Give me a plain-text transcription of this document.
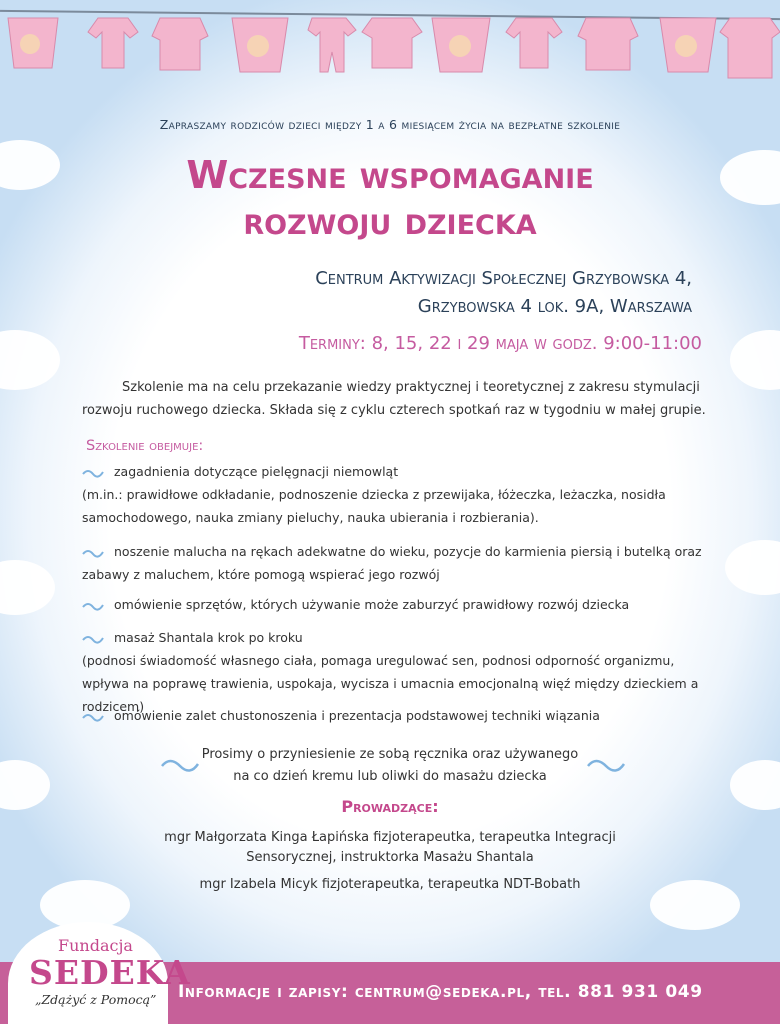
Zapraszamy rodziców dzieci między 1 a 6 miesiącem życia na bezpłatne szkolenie
Wczesne wspomaganie
rozwoju dziecka
Centrum Aktywizacji Społecznej Grzybowska 4,
Grzybowska 4 lok. 9A, Warszawa
Terminy: 8, 15, 22 i 29 maja w godz. 9:00-11:00
Szkolenie ma na celu przekazanie wiedzy praktycznej i teoretycznej z zakresu stymulacji rozwoju ruchowego dziecka. Składa się z cyklu czterech spotkań raz w tygodniu w małej grupie.
Szkolenie obejmuje:
zagadnienia dotyczące pielęgnacji niemowląt
(m.in.: prawidłowe odkładanie, podnoszenie dziecka z przewijaka, łóżeczka, leżaczka, nosidła samochodowego, nauka zmiany pieluchy, nauka ubierania i rozbierania).
noszenie malucha na rękach adekwatne do wieku, pozycje do karmienia piersią i butelką oraz zabawy z maluchem, które pomogą wspierać jego rozwój
omówienie sprzętów, których używanie może zaburzyć prawidłowy rozwój dziecka
masaż Shantala krok po kroku
(podnosi świadomość własnego ciała, pomaga uregulować sen, podnosi odporność organizmu, wpływa na poprawę trawienia, uspokaja, wycisza i umacnia emocjonalną więź między dzieckiem a rodzicem)
omówienie zalet chustonoszenia i prezentacja podstawowej techniki wiązania
Prosimy o przyniesienie ze sobą ręcznika oraz używanego
na co dzień kremu lub oliwki do masażu dziecka
Prowadzące:
mgr Małgorzata Kinga Łapińska fizjoterapeutka, terapeutka Integracji
Sensorycznej, instruktorka Masażu Shantala
mgr Izabela Micyk fizjoterapeutka, terapeutka NDT-Bobath
Informacje i zapisy: centrum@sedeka.pl, tel. 881 931 049
Fundacja
SEDEKA
„Zdążyć z Pomocą”
